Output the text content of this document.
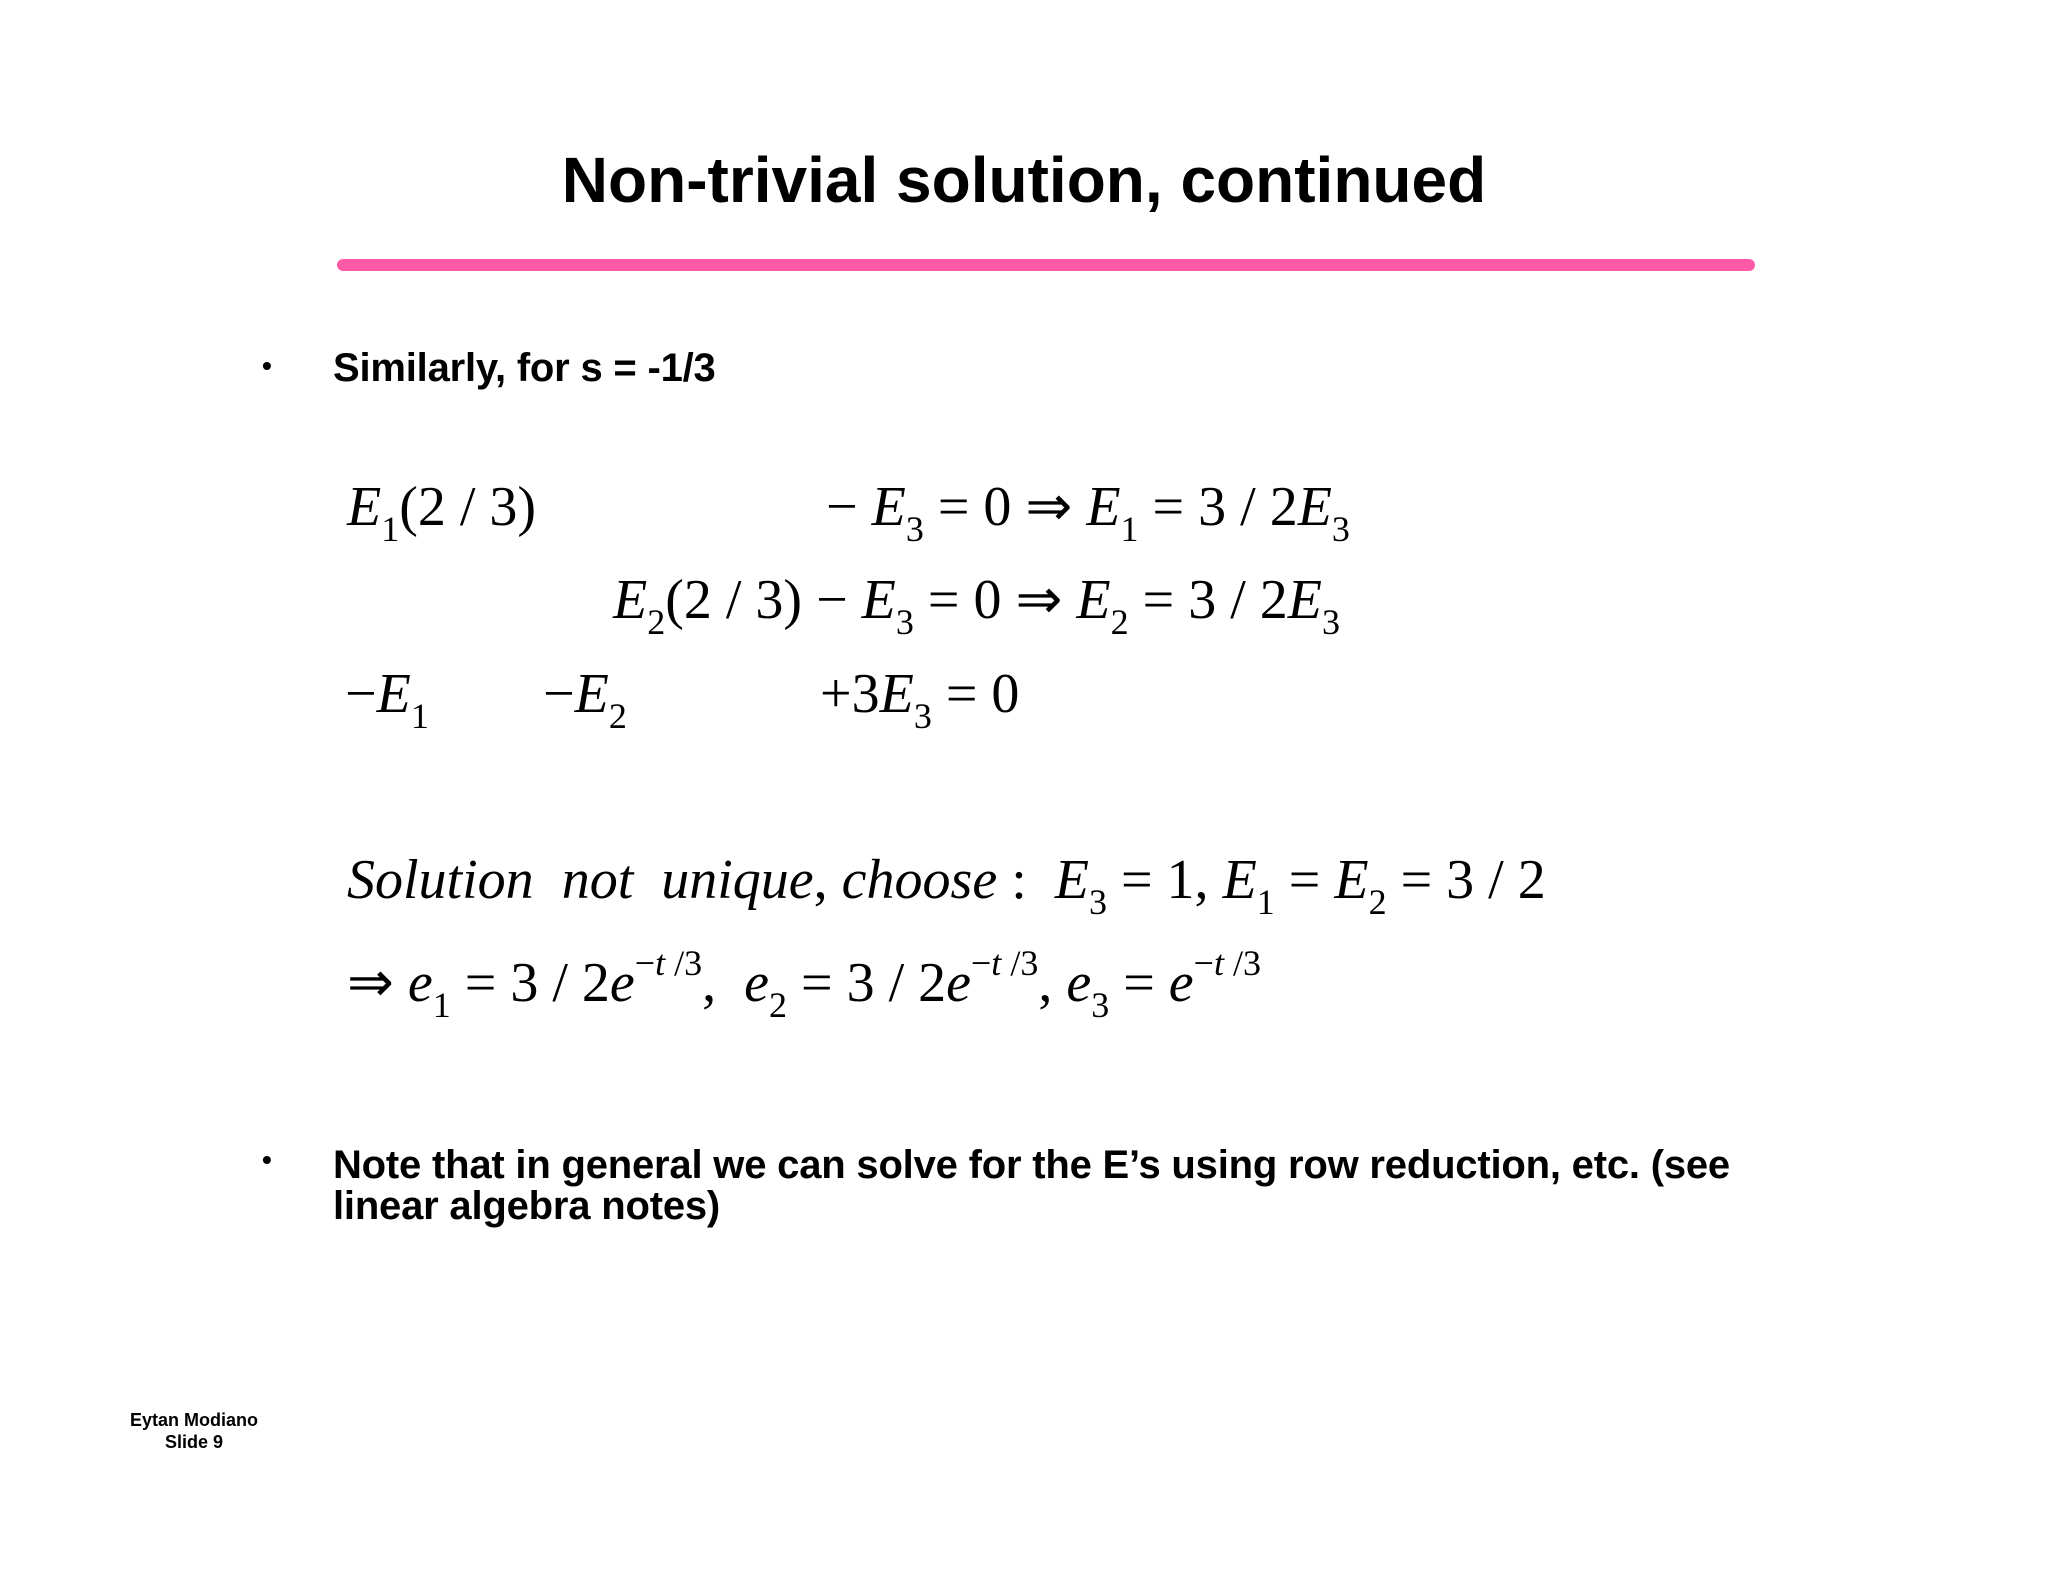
Non-trivial solution, continued
• Similarly, for s = -1/3
$E_1(2 / 3)$	− $E_3 = 0$ ⇒ $E_1 = 3 / 2E_3$
$E_2(2 / 3) - E_3 = 0$ ⇒ $E_2 = 3 / 2E_3$
$-E_1 -E_2$	$+3E_3 = 0$
Solution not unique, choose :  $E_3 = 1$, $E_1 = E_2 = 3 / 2$
⇒ $e_1 = 3 / 2e^{-t /3}$,  $e_2 = 3 / 2e^{-t /3}$, $e_3 = e^{-t /3}$
• Note that in general we can solve for the E’s using row reduction, etc. (see linear algebra notes)
Eytan Modiano
Slide 9
